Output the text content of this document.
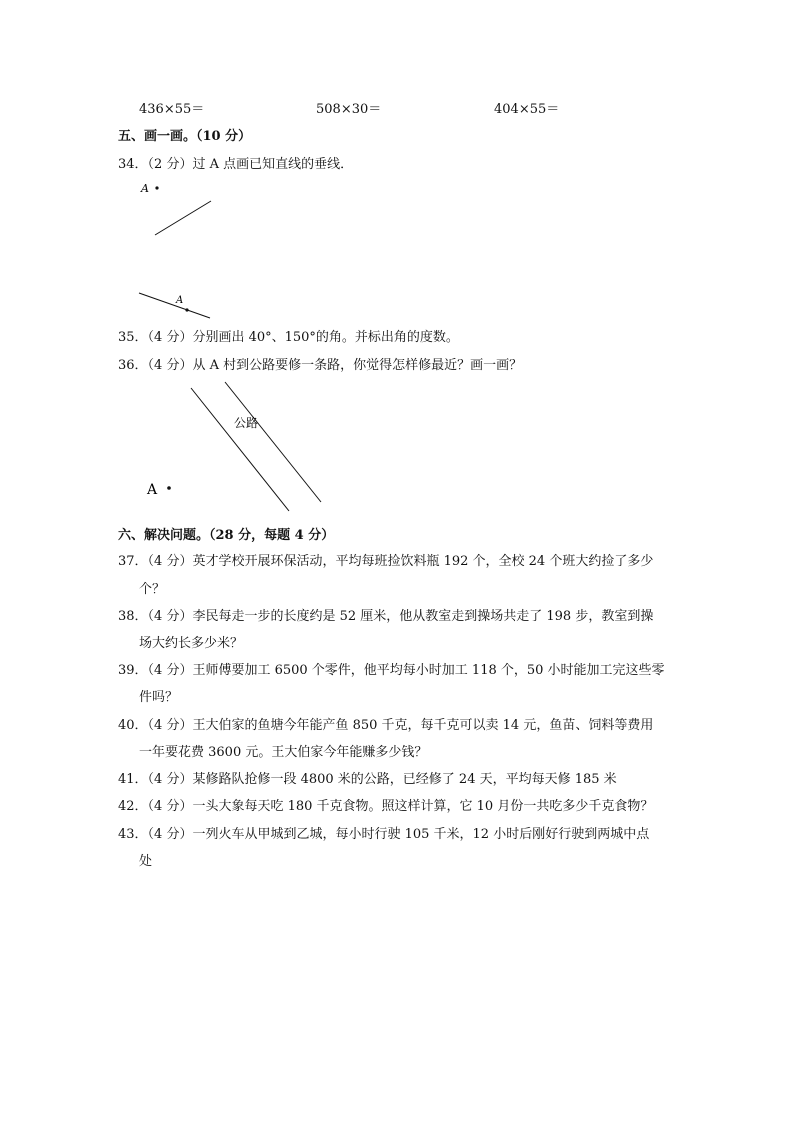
436×55＝	508×30＝	404×55＝
五、画一画。（10 分）
34．（2 分）过 A 点画已知直线的垂线．
A
A
35．（4 分）分别画出 40°、150°的角。并标出角的度数。
36．（4 分）从 A 村到公路要修一条路，你觉得怎样修最近？画一画？
公路
A
六、解决问题。（28 分，每题 4 分）
37．（4 分）英才学校开展环保活动，平均每班捡饮料瓶 192 个，全校 24 个班大约捡了多少
个？
38．（4 分）李民每走一步的长度约是 52 厘米，他从教室走到操场共走了 198 步，教室到操
场大约长多少米？
39．（4 分）王师傅要加工 6500 个零件，他平均每小时加工 118 个，50 小时能加工完这些零
件吗？
40．（4 分）王大伯家的鱼塘今年能产鱼 850 千克，每千克可以卖 14 元，鱼苗、饲料等费用
一年要花费 3600 元。王大伯家今年能赚多少钱？
41．（4 分）某修路队抢修一段 4800 米的公路，已经修了 24 天，平均每天修 185 米
42．（4 分）一头大象每天吃 180 千克食物。照这样计算，它 10 月份一共吃多少千克食物？
43．（4 分）一列火车从甲城到乙城，每小时行驶 105 千米，12 小时后刚好行驶到两城中点
处
